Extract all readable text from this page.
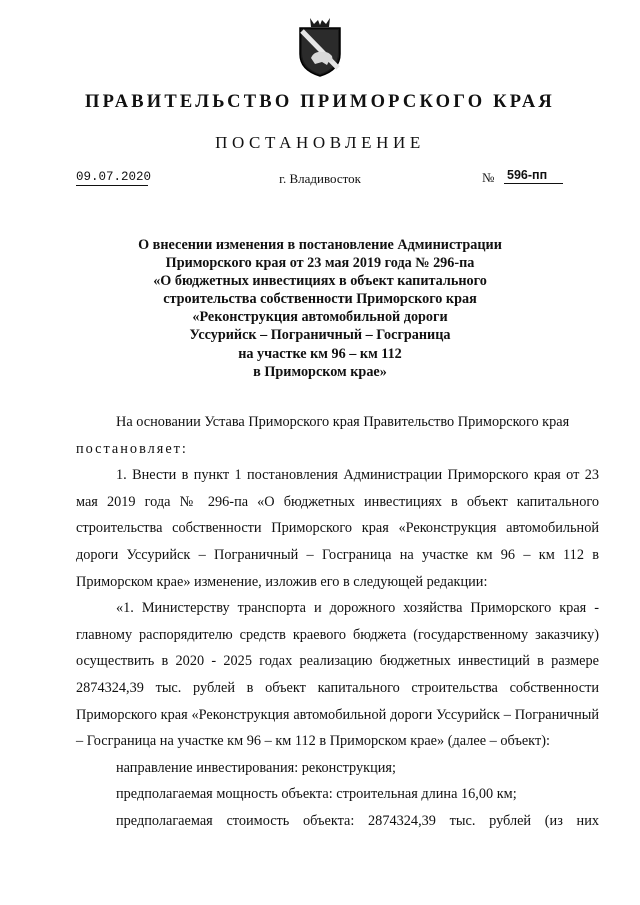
ПРАВИТЕЛЬСТВО ПРИМОРСКОГО КРАЯ
ПОСТАНОВЛЕНИЕ
09.07.2020	г. Владивосток	№ 596-пп
О внесении изменения в постановление Администрации
Приморского края от 23 мая 2019 года № 296-па
«О бюджетных инвестициях в объект капитального
строительства собственности Приморского края
«Реконструкция автомобильной дороги
Уссурийск – Пограничный – Госграница
на участке км 96 – км 112
в Приморском крае»

На основании Устава Приморского края Правительство Приморского края

постановляет:

1. Внести в пункт 1 постановления Администрации Приморского края от 23 мая 2019 года № 296-па «О бюджетных инвестициях в объект капитального строительства собственности Приморского края «Реконструкция автомобильной дороги Уссурийск – Пограничный – Госграница на участке км 96 – км 112 в Приморском крае» изменение, изложив его в следующей редакции:

«1. Министерству транспорта и дорожного хозяйства Приморского края - главному распорядителю средств краевого бюджета (государственному заказчику) осуществить в 2020 - 2025 годах реализацию бюджетных инвестиций в размере 2874324,39 тыс. рублей в объект капитального строительства собственности Приморского края «Реконструкция автомобильной дороги Уссурийск – Пограничный – Госграница на участке км 96 – км 112 в Приморском крае» (далее – объект):

направление инвестирования: реконструкция;

предполагаемая мощность объекта: строительная длина 16,00 км;

предполагаемая стоимость объекта: 2874324,39 тыс. рублей (из них
